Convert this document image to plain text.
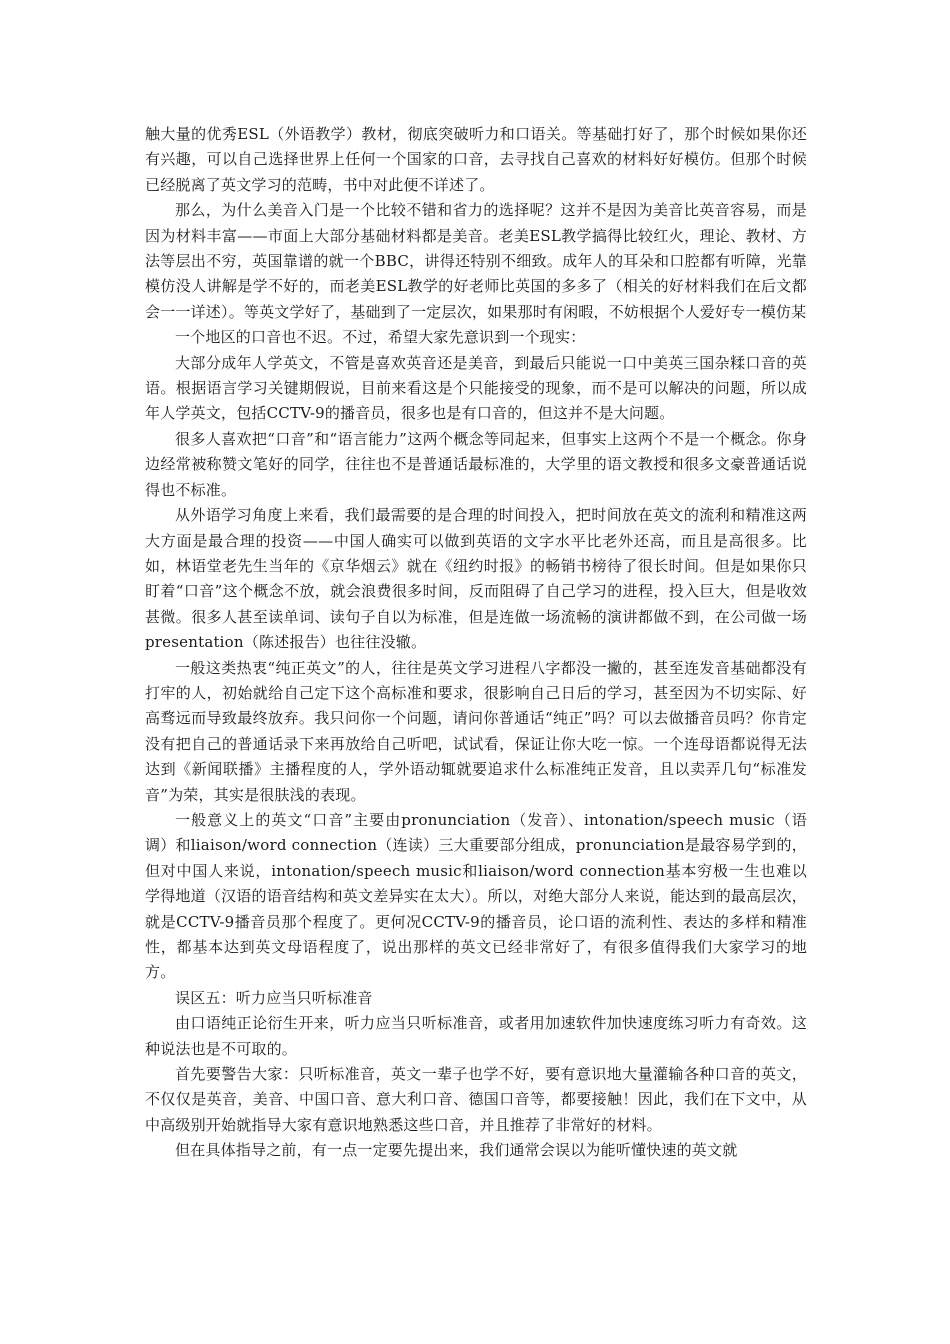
触大量的优秀ESL（外语教学）教材，彻底突破听力和口语关。等基础打好了，那个时候如果你还有兴趣，可以自己选择世界上任何一个国家的口音，去寻找自己喜欢的材料好好模仿。但那个时候已经脱离了英文学习的范畴，书中对此便不详述了。

那么，为什么美音入门是一个比较不错和省力的选择呢？这并不是因为美音比英音容易，而是因为材料丰富——市面上大部分基础材料都是美音。老美ESL教学搞得比较红火，理论、教材、方法等层出不穷，英国靠谱的就一个BBC，讲得还特别不细致。成年人的耳朵和口腔都有听障，光靠模仿没人讲解是学不好的，而老美ESL教学的好老师比英国的多多了（相关的好材料我们在后文都会一一详述）。等英文学好了，基础到了一定层次，如果那时有闲暇，不妨根据个人爱好专一模仿某

一个地区的口音也不迟。不过，希望大家先意识到一个现实：

大部分成年人学英文，不管是喜欢英音还是美音，到最后只能说一口中美英三国杂糅口音的英语。根据语言学习关键期假说，目前来看这是个只能接受的现象，而不是可以解决的问题，所以成年人学英文，包括CCTV-9的播音员，很多也是有口音的，但这并不是大问题。

很多人喜欢把“口音”和“语言能力”这两个概念等同起来，但事实上这两个不是一个概念。你身边经常被称赞文笔好的同学，往往也不是普通话最标准的，大学里的语文教授和很多文豪普通话说得也不标准。

从外语学习角度上来看，我们最需要的是合理的时间投入，把时间放在英文的流利和精准这两大方面是最合理的投资——中国人确实可以做到英语的文字水平比老外还高，而且是高很多。比如，林语堂老先生当年的《京华烟云》就在《纽约时报》的畅销书榜待了很长时间。但是如果你只盯着“口音”这个概念不放，就会浪费很多时间，反而阻碍了自己学习的进程，投入巨大，但是收效甚微。很多人甚至读单词、读句子自以为标准，但是连做一场流畅的演讲都做不到，在公司做一场presentation（陈述报告）也往往没辙。

一般这类热衷“纯正英文”的人，往往是英文学习进程八字都没一撇的，甚至连发音基础都没有打牢的人，初始就给自己定下这个高标准和要求，很影响自己日后的学习，甚至因为不切实际、好高骛远而导致最终放弃。我只问你一个问题，请问你普通话“纯正”吗？可以去做播音员吗？你肯定没有把自己的普通话录下来再放给自己听吧，试试看，保证让你大吃一惊。一个连母语都说得无法达到《新闻联播》主播程度的人，学外语动辄就要追求什么标准纯正发音，且以卖弄几句“标准发音”为荣，其实是很肤浅的表现。

一般意义上的英文“口音”主要由pronunciation（发音）、intonation/speech music（语调）和liaison/word connection（连读）三大重要部分组成，pronunciation是最容易学到的，但对中国人来说，intonation/speech music和liaison/word connection基本穷极一生也难以学得地道（汉语的语音结构和英文差异实在太大）。所以，对绝大部分人来说，能达到的最高层次，就是CCTV-9播音员那个程度了。更何况CCTV-9的播音员，论口语的流利性、表达的多样和精准性，都基本达到英文母语程度了，说出那样的英文已经非常好了，有很多值得我们大家学习的地方。

误区五：听力应当只听标准音

由口语纯正论衍生开来，听力应当只听标准音，或者用加速软件加快速度练习听力有奇效。这种说法也是不可取的。

首先要警告大家：只听标准音，英文一辈子也学不好，要有意识地大量灌输各种口音的英文，不仅仅是英音，美音、中国口音、意大利口音、德国口音等，都要接触！因此，我们在下文中，从中高级别开始就指导大家有意识地熟悉这些口音，并且推荐了非常好的材料。

但在具体指导之前，有一点一定要先提出来，我们通常会误以为能听懂快速的英文就
